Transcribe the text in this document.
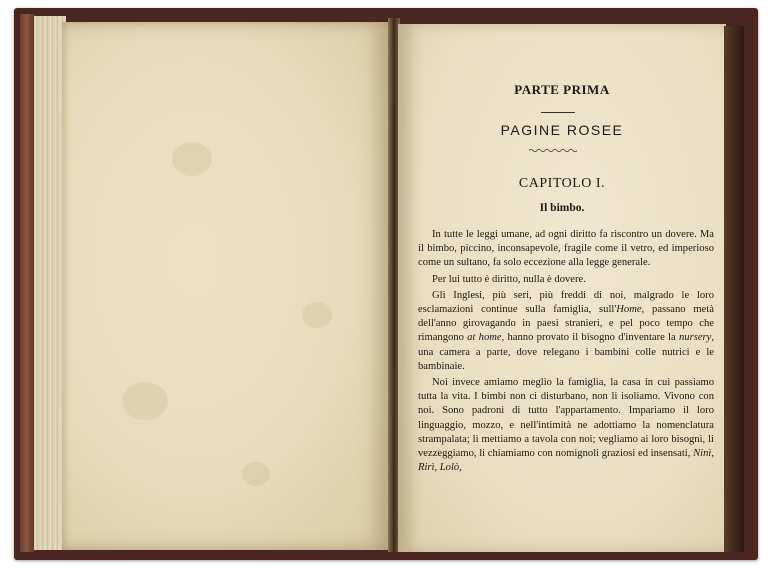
PARTE PRIMA
PAGINE ROSEE
CAPITOLO I.
Il bimbo.

In tutte le leggi umane, ad ogni diritto fa riscontro un dovere. Ma il bimbo, piccino, inconsapevole, fragile come il vetro, ed imperioso come un sultano, fa solo eccezione alla legge generale.

Per lui tutto è diritto, nulla è dovere.

Gli Inglesi, più seri, più freddi di noi, malgrado le loro esclamazioni continue sulla famiglia, sull'Home, passano metà dell'anno girovagando in paesi stranieri, e pel poco tempo che rimangono at home, hanno provato il bisogno d'inventare la nursery, una camera a parte, dove relegano i bambini colle nutrici e le bambinaie.

Noi invece amiamo meglio la famiglia, la casa in cui passiamo tutta la vita. I bimbi non ci disturbano, non li isoliamo. Vivono con noi. Sono padroni di tutto l'appartamento. Impariamo il loro linguaggio, mozzo, e nell'intimità ne adottiamo la nomenclatura strampalata; li mettiamo a tavola con noi; vegliamo ai loro bisogni, li vezzeggiamo, li chiamiamo con nomignoli graziosi ed insensati, Ninì, Rirì, Lolò,
